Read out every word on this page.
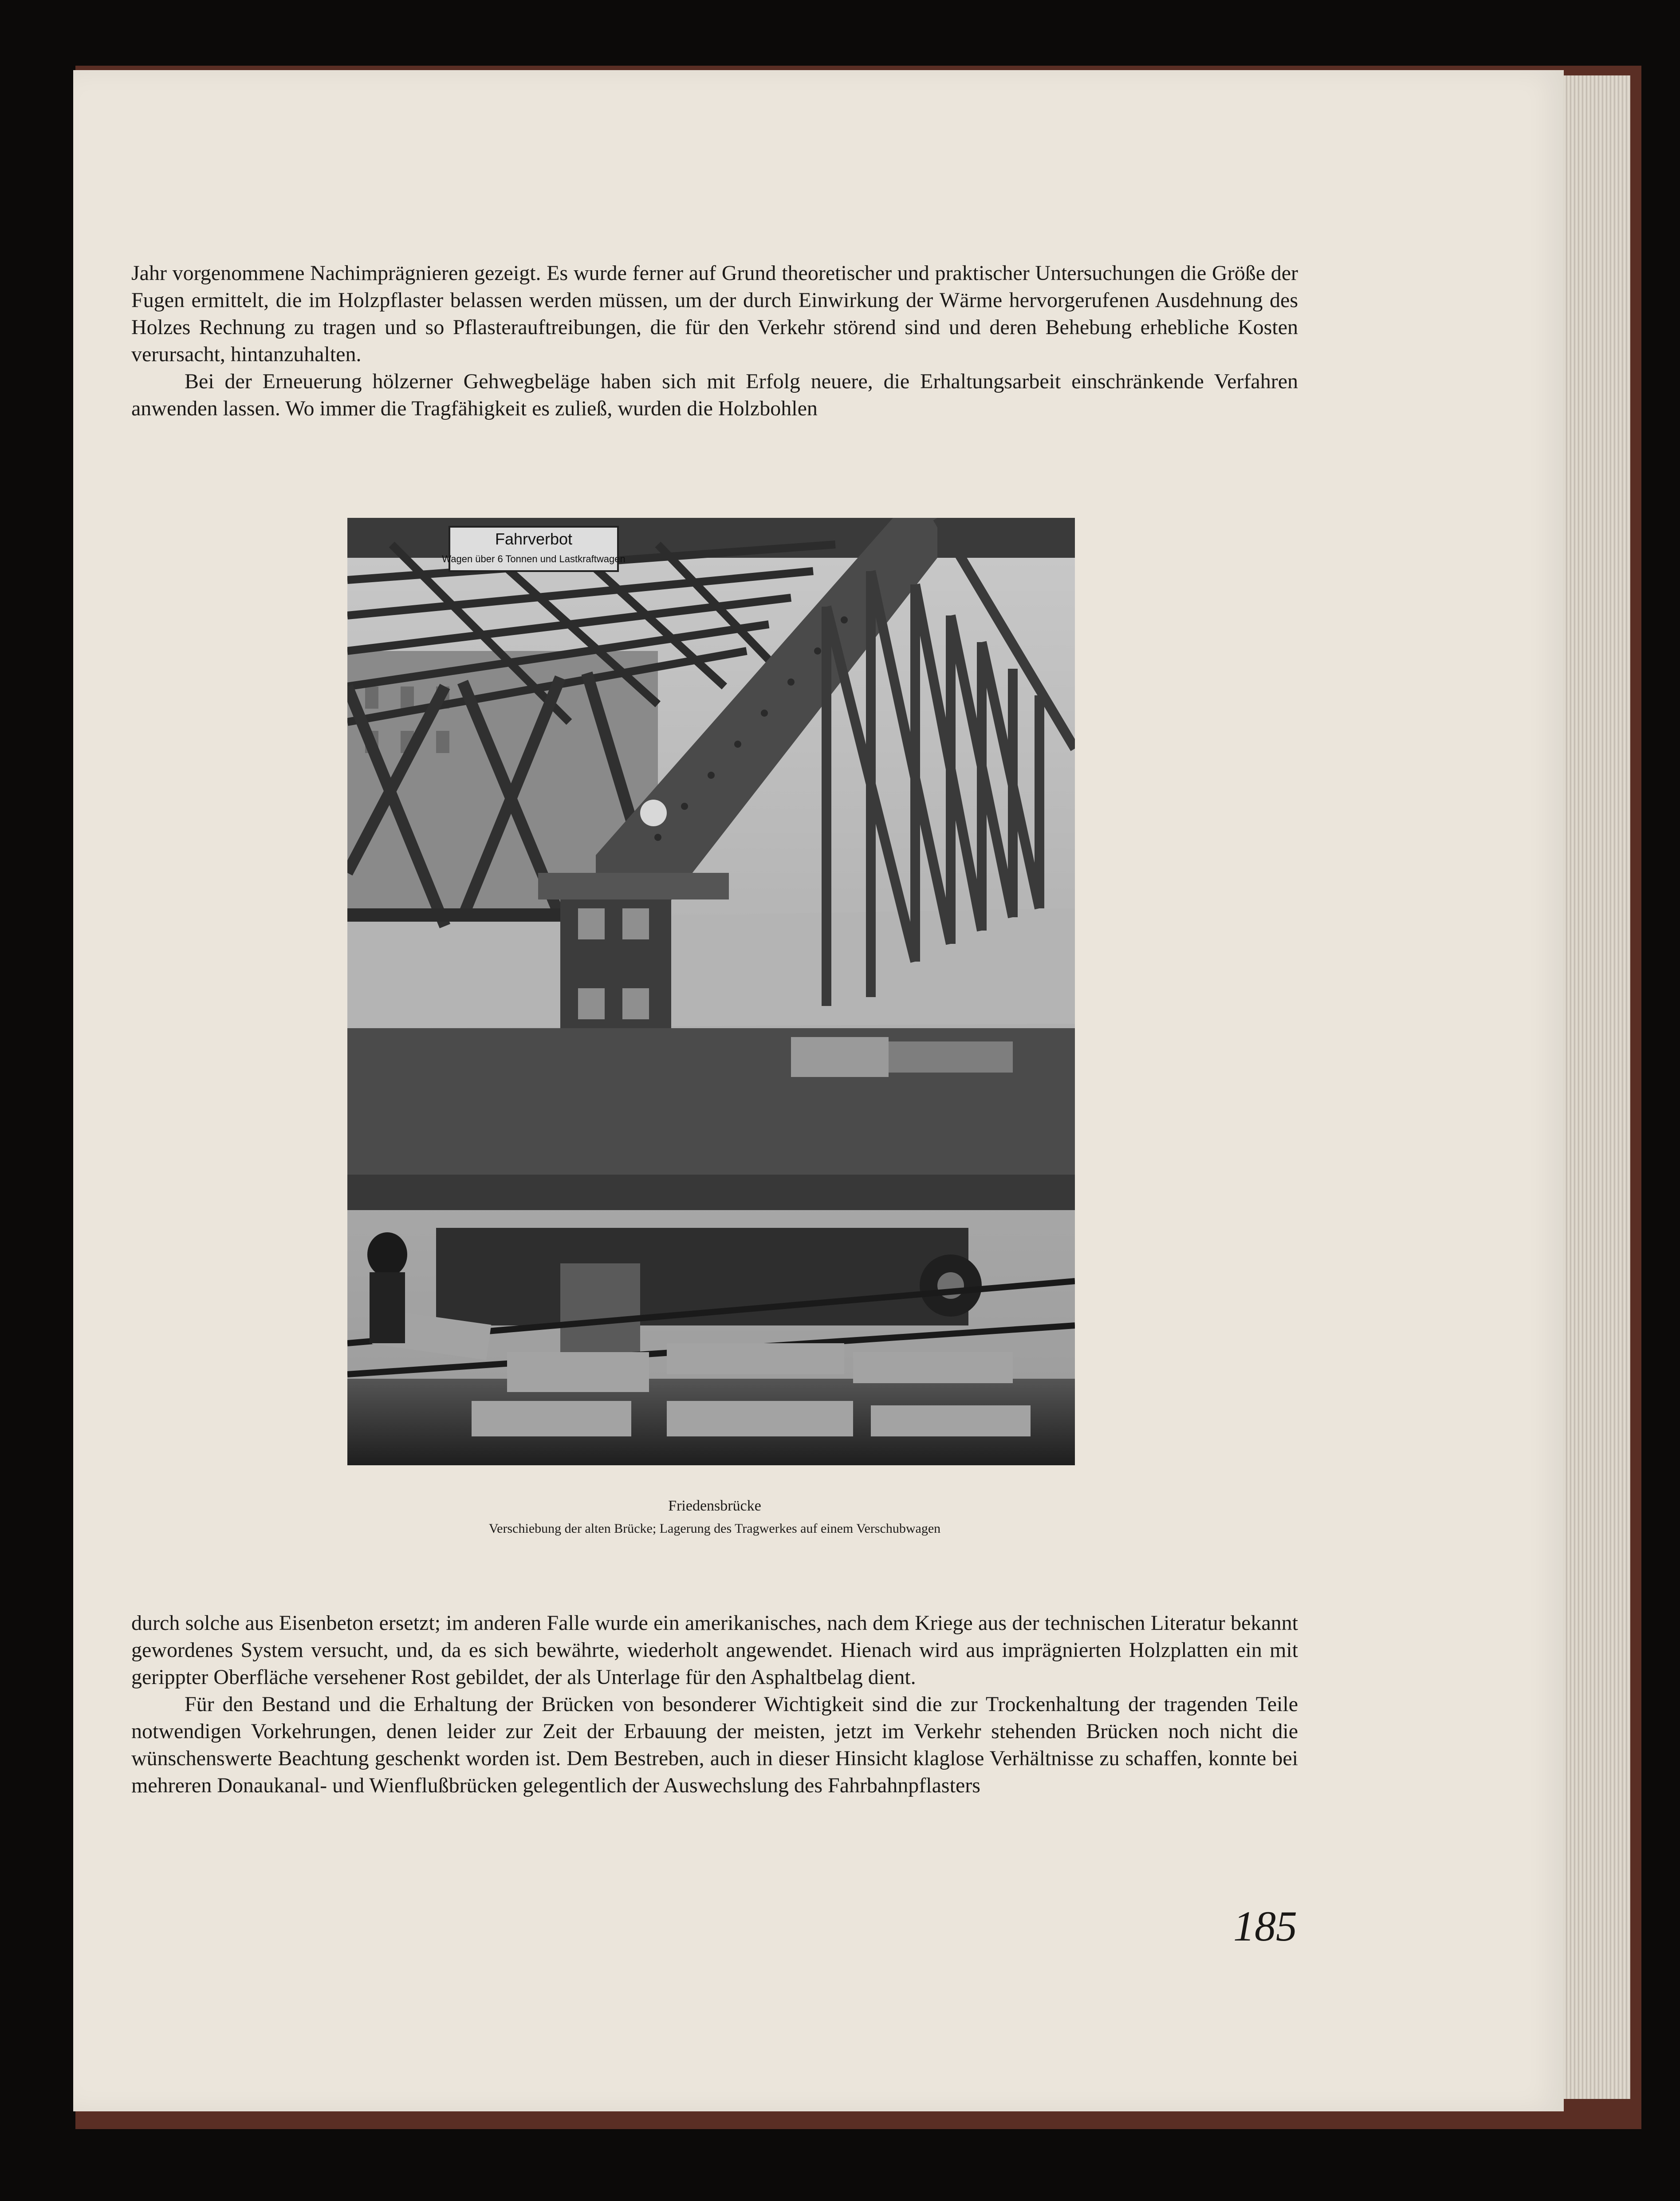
Jahr vorgenommene Nachimprägnieren gezeigt. Es wurde ferner auf Grund theoretischer und praktischer Untersuchungen die Größe der Fugen ermittelt, die im Holzpflaster belassen werden müssen, um der durch Einwirkung der Wärme hervorgerufenen Ausdehnung des Holzes Rechnung zu tragen und so Pflasterauftreibungen, die für den Verkehr störend sind und deren Behebung erhebliche Kosten verursacht, hintanzuhalten.

Bei der Erneuerung hölzerner Gehwegbeläge haben sich mit Erfolg neuere, die Erhaltungsarbeit einschränkende Verfahren anwenden lassen. Wo immer die Tragfähigkeit es zuließ, wurden die Holzbohlen

Fahrverbot
Wagen über 6 Tonnen und Lastkraftwagen
Friedensbrücke
Verschiebung der alten Brücke; Lagerung des Tragwerkes auf einem Verschubwagen

durch solche aus Eisenbeton ersetzt; im anderen Falle wurde ein amerikanisches, nach dem Kriege aus der technischen Literatur bekannt gewordenes System versucht, und, da es sich bewährte, wiederholt angewendet. Hienach wird aus imprägnierten Holzplatten ein mit gerippter Oberfläche versehener Rost gebildet, der als Unterlage für den Asphaltbelag dient.

Für den Bestand und die Erhaltung der Brücken von besonderer Wichtigkeit sind die zur Trockenhaltung der tragenden Teile notwendigen Vorkehrungen, denen leider zur Zeit der Erbauung der meisten, jetzt im Verkehr stehenden Brücken noch nicht die wünschenswerte Beachtung geschenkt worden ist. Dem Bestreben, auch in dieser Hinsicht klaglose Verhältnisse zu schaffen, konnte bei mehreren Donaukanal- und Wienflußbrücken gelegentlich der Auswechslung des Fahrbahnpflasters

185
